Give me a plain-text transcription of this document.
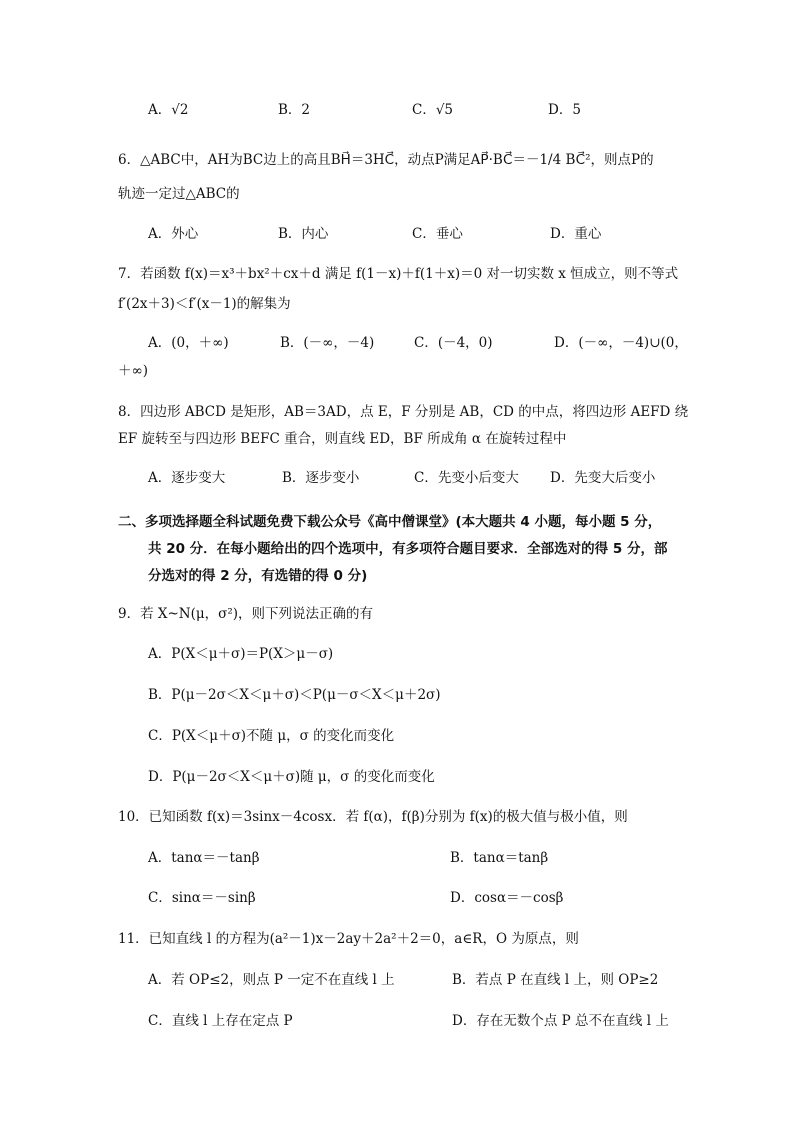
A．√2	B．2	C．√5	D．5
6．△ABC中，AH为BC边上的高且BH⃗＝3HC⃗，动点P满足AP⃗·BC⃗＝－1/4 BC⃗²，则点P的
轨迹一定过△ABC的
A．外心	B．内心	C．垂心	D．重心
7．若函数 f(x)＝x³＋bx²＋cx＋d 满足 f(1－x)＋f(1＋x)＝0 对一切实数 x 恒成立，则不等式
f′(2x＋3)＜f′(x－1)的解集为
A．(0，＋∞)	B．(－∞，－4)	C．(－4，0)	D．(－∞，－4)∪(0，
＋∞)
8．四边形 ABCD 是矩形，AB＝3AD，点 E，F 分别是 AB，CD 的中点，将四边形 AEFD 绕
EF 旋转至与四边形 BEFC 重合，则直线 ED，BF 所成角 α 在旋转过程中
A．逐步变大	B．逐步变小	C．先变小后变大 D．先变大后变小
二、多项选择题全科试题免费下载公众号《高中僧课堂》(本大题共 4 小题，每小题 5 分，
共 20 分．在每小题给出的四个选项中，有多项符合题目要求．全部选对的得 5 分，部
分选对的得 2 分，有选错的得 0 分)
9．若 X~N(μ，σ²)，则下列说法正确的有
A．P(X＜μ＋σ)＝P(X＞μ－σ)
B．P(μ－2σ＜X＜μ＋σ)＜P(μ－σ＜X＜μ＋2σ)
C．P(X＜μ＋σ)不随 μ，σ 的变化而变化
D．P(μ－2σ＜X＜μ＋σ)随 μ，σ 的变化而变化
10．已知函数 f(x)＝3sinx－4cosx．若 f(α)，f(β)分别为 f(x)的极大值与极小值，则
A．tanα＝－tanβ	B．tanα＝tanβ
C．sinα＝－sinβ	D．cosα＝－cosβ
11．已知直线 l 的方程为(a²－1)x－2ay＋2a²＋2＝0，a∈R，O 为原点，则
A．若 OP≤2，则点 P 一定不在直线 l 上	B．若点 P 在直线 l 上，则 OP≥2
C．直线 l 上存在定点 P	D．存在无数个点 P 总不在直线 l 上
